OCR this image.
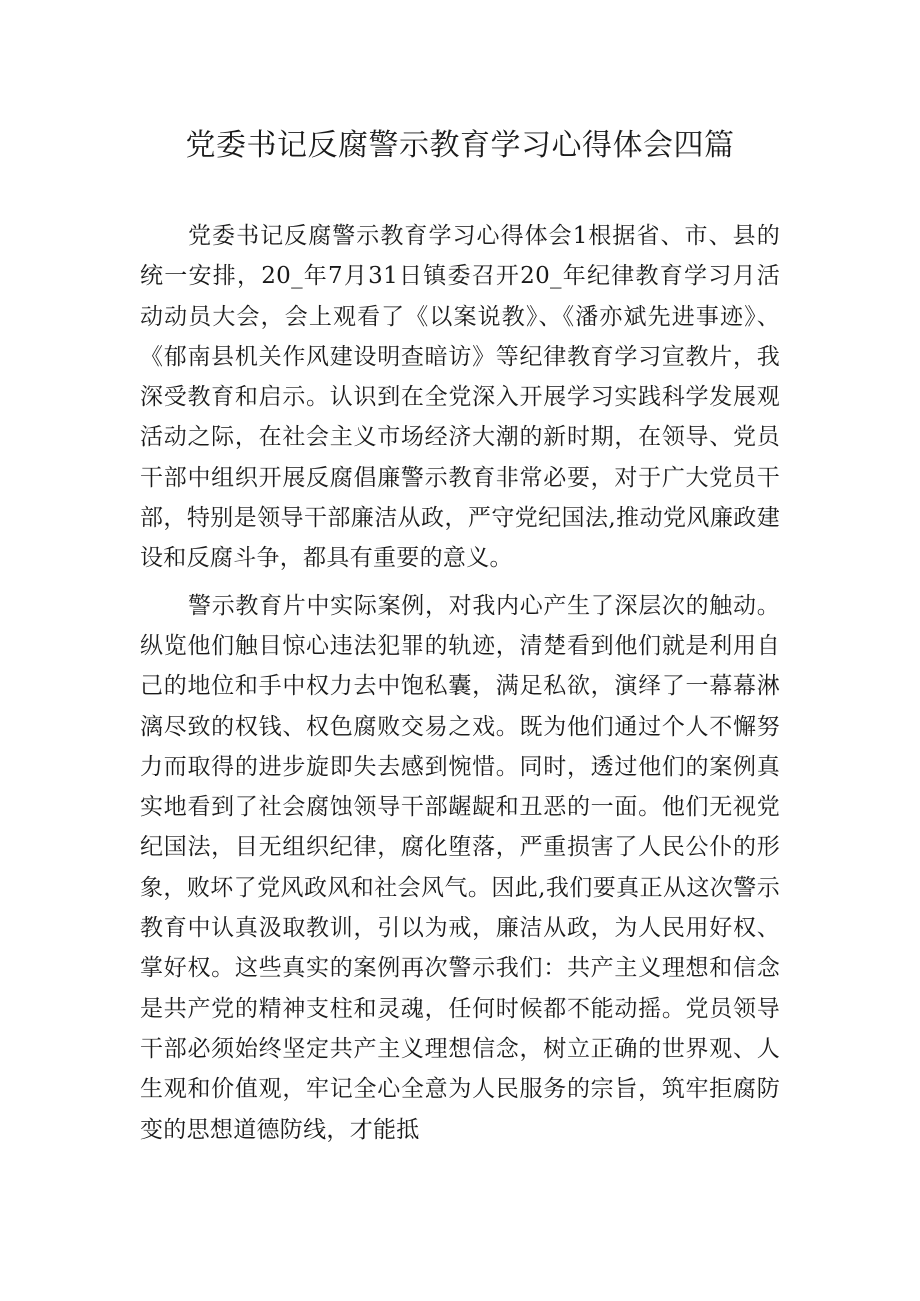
党委书记反腐警示教育学习心得体会四篇

党委书记反腐警示教育学习心得体会1根据省、市、县的统一安排，20_年7月31日镇委召开20_年纪律教育学习月活动动员大会，会上观看了《以案说教》、《潘亦斌先进事迹》、《郁南县机关作风建设明查暗访》等纪律教育学习宣教片，我深受教育和启示。认识到在全党深入开展学习实践科学发展观活动之际，在社会主义市场经济大潮的新时期，在领导、党员干部中组织开展反腐倡廉警示教育非常必要，对于广大党员干部，特别是领导干部廉洁从政，严守党纪国法,推动党风廉政建设和反腐斗争，都具有重要的意义。

警示教育片中实际案例，对我内心产生了深层次的触动。纵览他们触目惊心违法犯罪的轨迹，清楚看到他们就是利用自己的地位和手中权力去中饱私囊，满足私欲，演绎了一幕幕淋漓尽致的权钱、权色腐败交易之戏。既为他们通过个人不懈努力而取得的进步旋即失去感到惋惜。同时，透过他们的案例真实地看到了社会腐蚀领导干部龌龊和丑恶的一面。他们无视党纪国法，目无组织纪律，腐化堕落，严重损害了人民公仆的形象，败坏了党风政风和社会风气。因此,我们要真正从这次警示教育中认真汲取教训，引以为戒，廉洁从政，为人民用好权、掌好权。这些真实的案例再次警示我们：共产主义理想和信念是共产党的精神支柱和灵魂，任何时候都不能动摇。党员领导干部必须始终坚定共产主义理想信念，树立正确的世界观、人生观和价值观，牢记全心全意为人民服务的宗旨，筑牢拒腐防变的思想道德防线，才能抵
